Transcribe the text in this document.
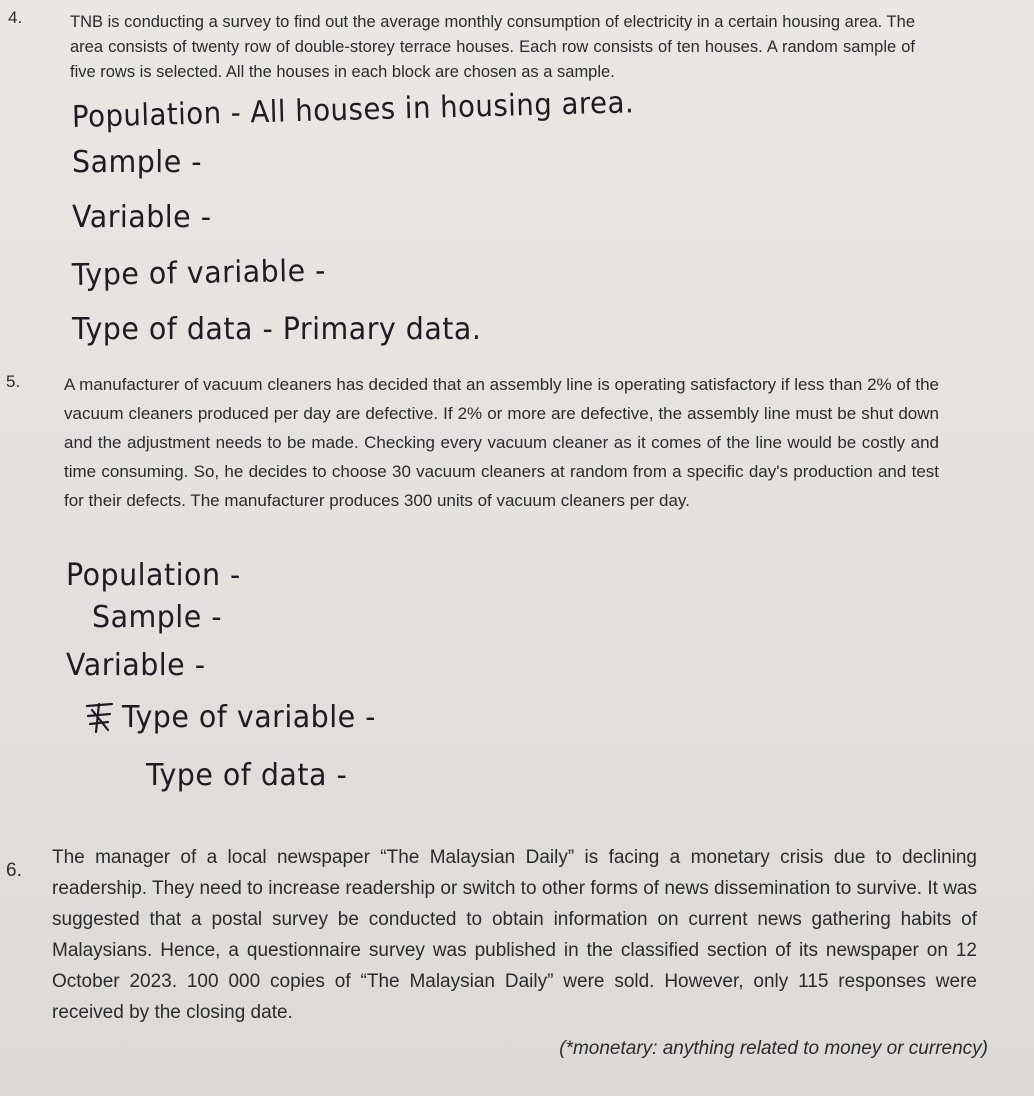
4.	TNB is conducting a survey to find out the average monthly consumption of electricity in a certain housing area. The area consists of twenty row of double-storey terrace houses. Each row consists of ten houses. A random sample of five rows is selected. All the houses in each block are chosen as a sample.
Population - All houses in housing area.
Sample -
Variable -
Type of variable -
Type of data - Primary data.
5.	A manufacturer of vacuum cleaners has decided that an assembly line is operating satisfactory if less than 2% of the vacuum cleaners produced per day are defective. If 2% or more are defective, the assembly line must be shut down and the adjustment needs to be made. Checking every vacuum cleaner as it comes of the line would be costly and time consuming. So, he decides to choose 30 vacuum cleaners at random from a specific day's production and test for their defects. The manufacturer produces 300 units of vacuum cleaners per day.
Population -
Sample -
Variable -
Type of variable -
Type of data -
6.
The manager of a local newspaper “The Malaysian Daily” is facing a monetary crisis due to declining readership. They need to increase readership or switch to other forms of news dissemination to survive. It was suggested that a postal survey be conducted to obtain information on current news gathering habits of Malaysians. Hence, a questionnaire survey was published in the classified section of its newspaper on 12 October 2023. 100 000 copies of “The Malaysian Daily” were sold. However, only 115 responses were received by the closing date.
(*monetary: anything related to money or currency)
